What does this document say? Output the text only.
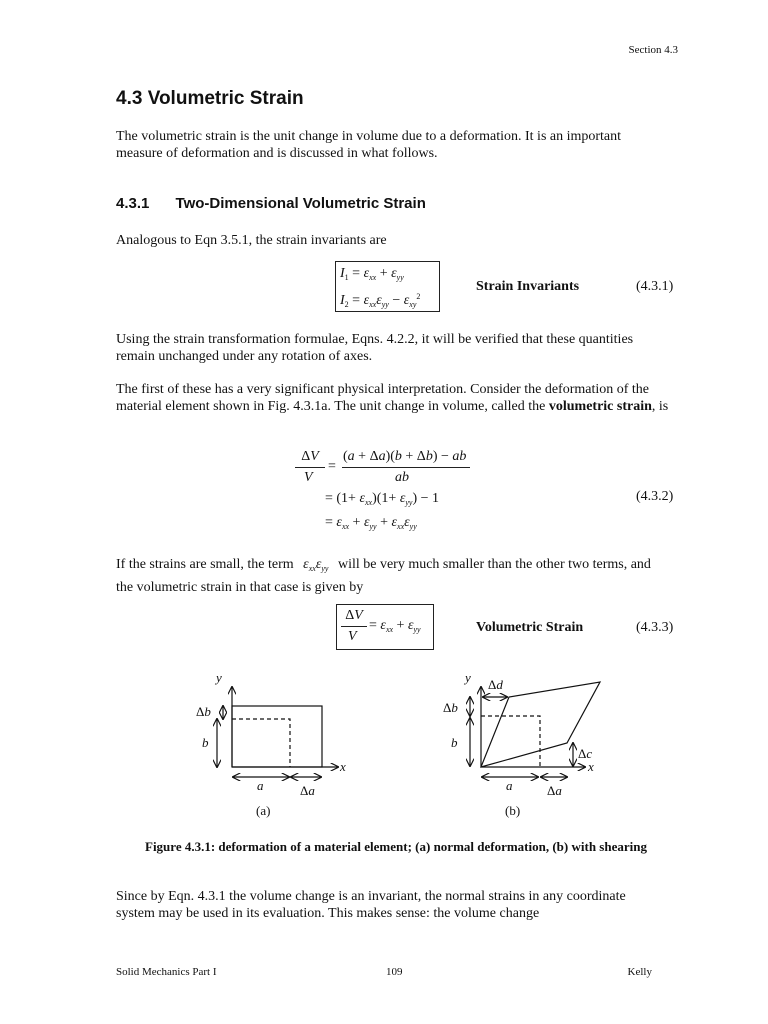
Section 4.3
4.3 Volumetric Strain
The volumetric strain is the unit change in volume due to a deformation. It is an important measure of deformation and is discussed in what follows.
4.3.1 Two-Dimensional Volumetric Strain
Analogous to Eqn 3.5.1, the strain invariants are
$I_1 = \varepsilon_{xx} + \varepsilon_{yy}$
$I_2 = \varepsilon_{xx}\varepsilon_{yy} - \varepsilon_{xy}^2$
Strain Invariants	(4.3.1)
Using the strain transformation formulae, Eqns. 4.2.2, it will be verified that these quantities remain unchanged under any rotation of axes.
The first of these has a very significant physical interpretation. Consider the deformation of the material element shown in Fig. 4.3.1a. The unit change in volume, called the volumetric strain, is
ΔV
V
=
(a + Δa)(b + Δb) − ab
ab
= $(1+ \varepsilon_{xx})(1+ \varepsilon_{yy}) - 1$
= $\varepsilon_{xx} + \varepsilon_{yy} + \varepsilon_{xx}\varepsilon_{yy}$
(4.3.2)
If the strains are small, the term $\varepsilon_{xx}\varepsilon_{yy}$ will be very much smaller than the other two terms, and the volumetric strain in that case is given by
ΔV
V
= $\varepsilon_{xx} + \varepsilon_{yy}$	Volumetric Strain	(4.3.3)
y
x
Δb
b
a	Δa
y
x
Δd
Δb
b
Δc
a	Δa
(a)	(b)
Figure 4.3.1: deformation of a material element; (a) normal deformation, (b) with shearing
Since by Eqn. 4.3.1 the volume change is an invariant, the normal strains in any coordinate system may be used in its evaluation. This makes sense: the volume change
Solid Mechanics Part I	109	Kelly
